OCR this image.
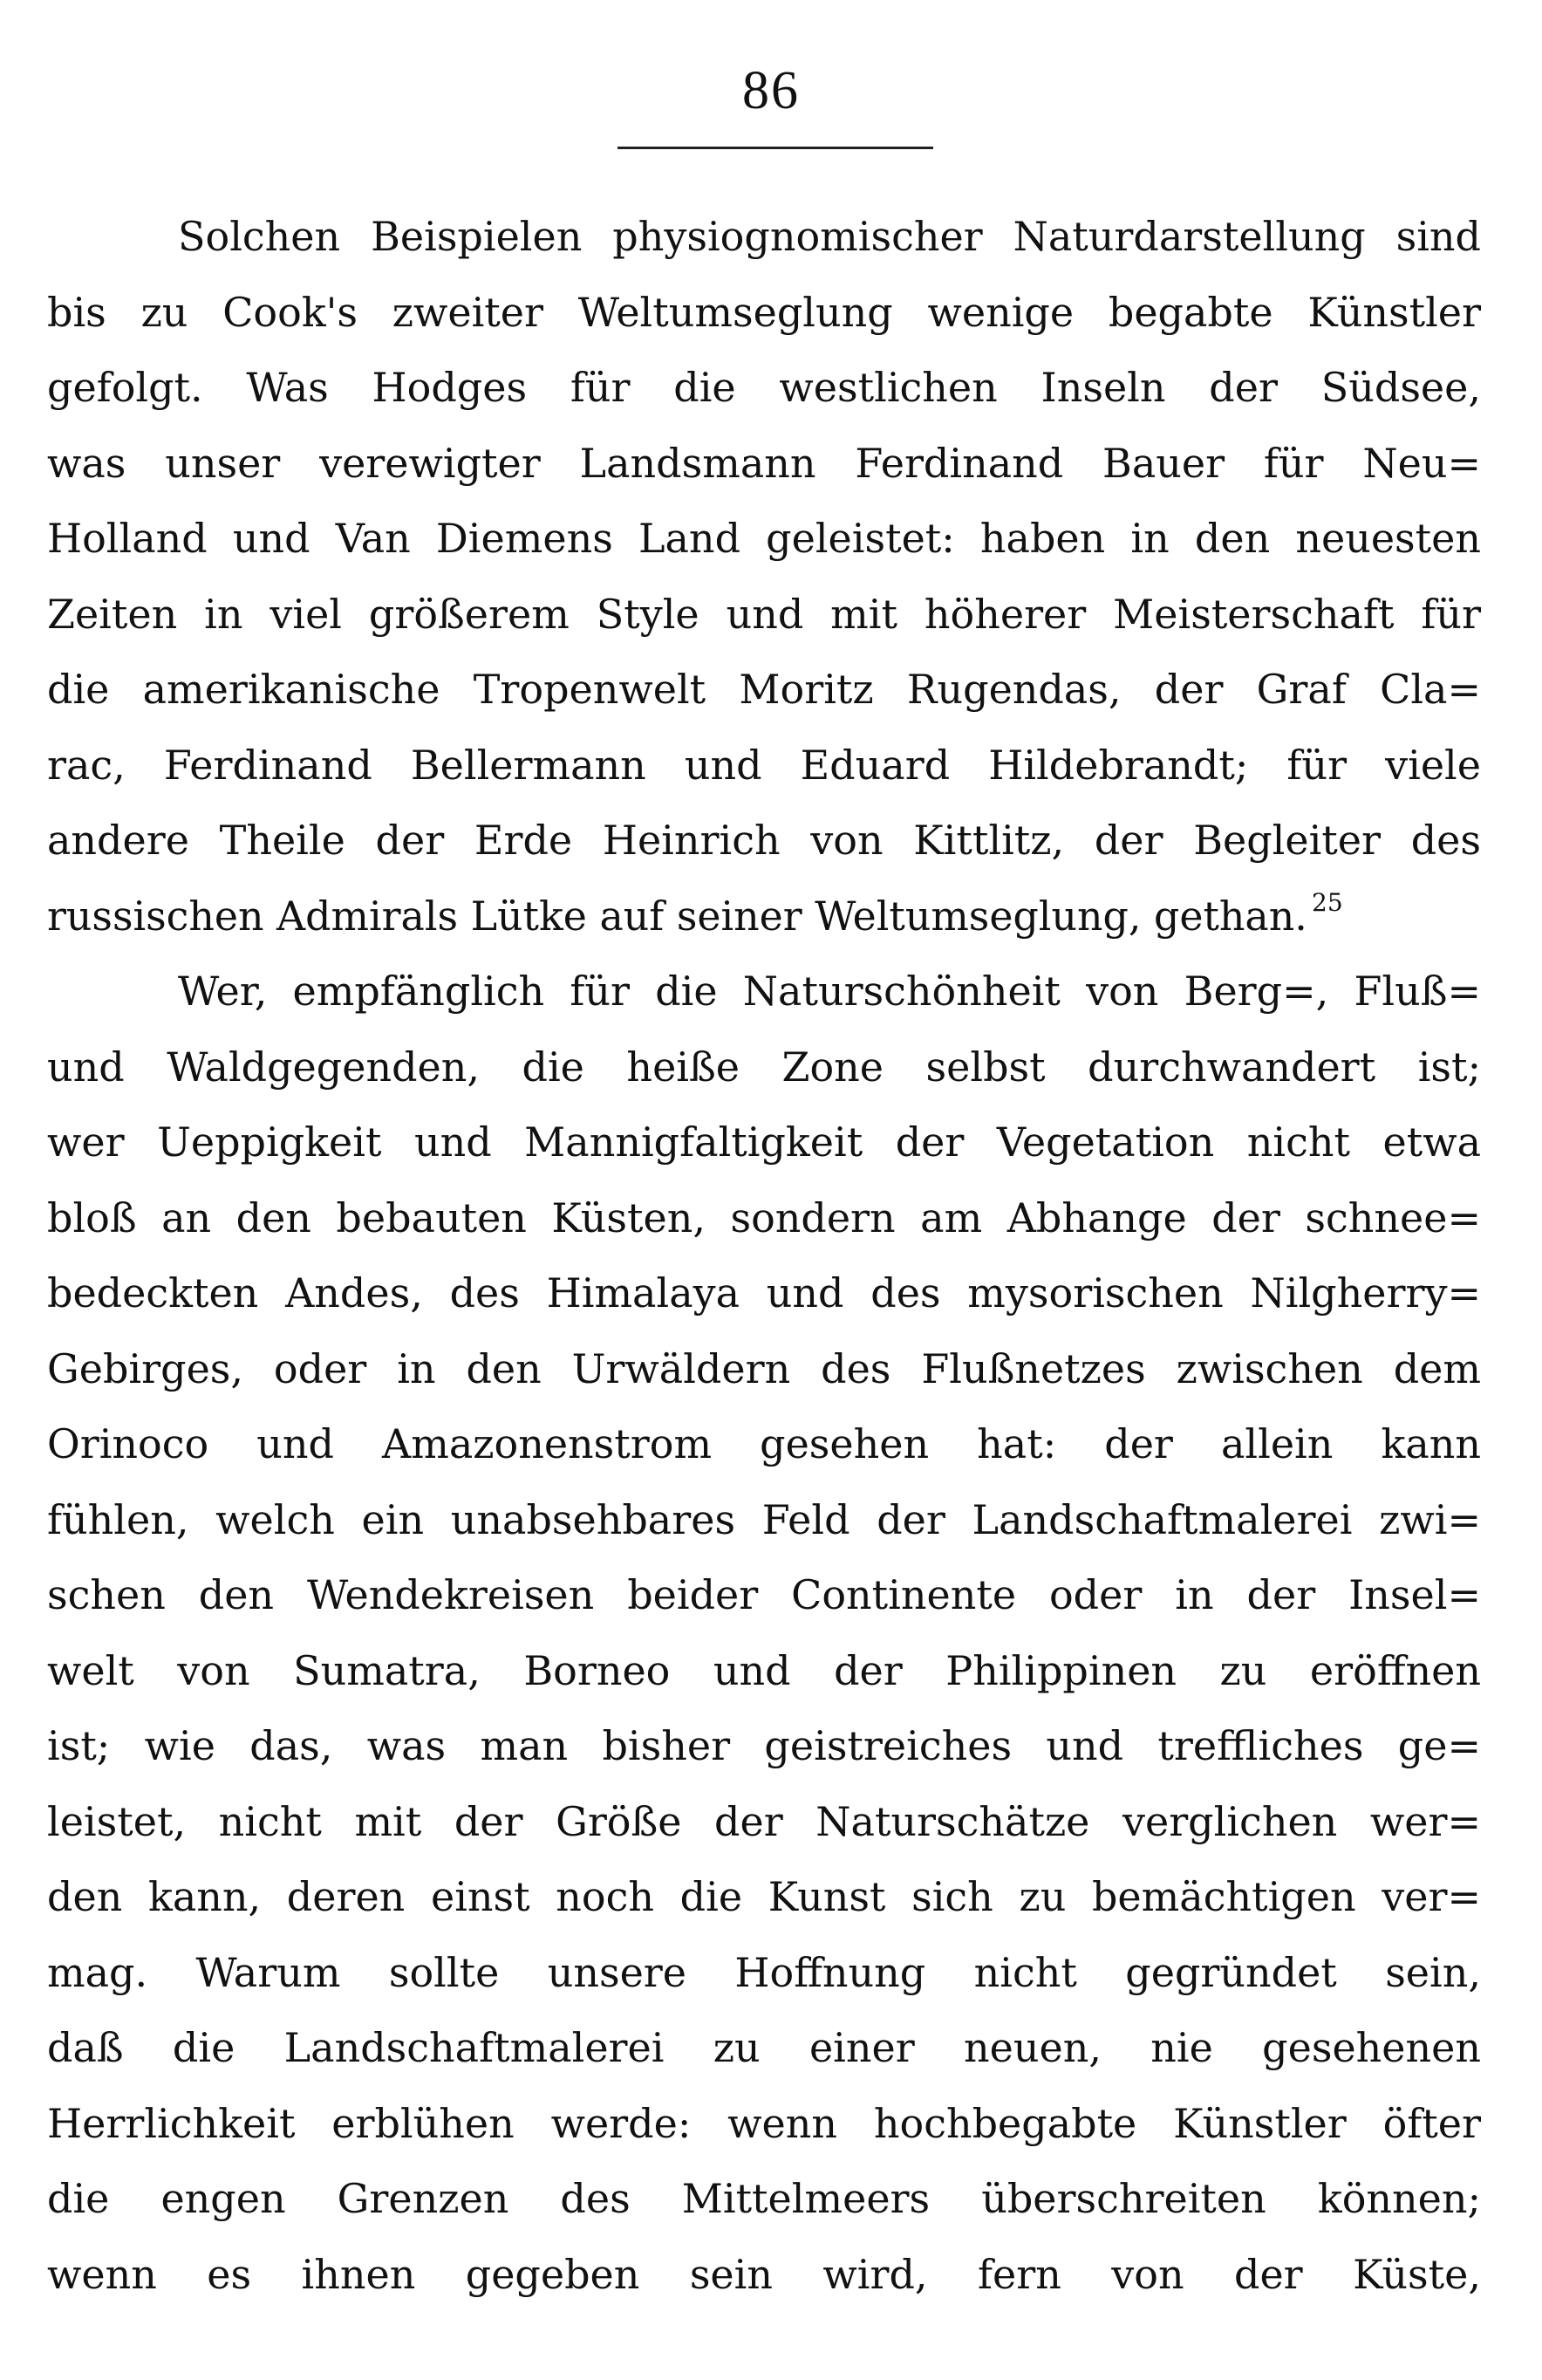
86
Solchen Beispielen physiognomischer Naturdarstellung sind
bis zu Cook's zweiter Weltumseglung wenige begabte Künstler
gefolgt. Was Hodges für die westlichen Inseln der Südsee,
was unser verewigter Landsmann Ferdinand Bauer für Neu=
Holland und Van Diemens Land geleistet: haben in den neuesten
Zeiten in viel größerem Style und mit höherer Meisterschaft für
die amerikanische Tropenwelt Moritz Rugendas, der Graf Cla=
rac, Ferdinand Bellermann und Eduard Hildebrandt; für viele
andere Theile der Erde Heinrich von Kittlitz, der Begleiter des
russischen Admirals Lütke auf seiner Weltumseglung, gethan. $^{25}$
Wer, empfänglich für die Naturschönheit von Berg=, Fluß=
und Waldgegenden, die heiße Zone selbst durchwandert ist;
wer Ueppigkeit und Mannigfaltigkeit der Vegetation nicht etwa
bloß an den bebauten Küsten, sondern am Abhange der schnee=
bedeckten Andes, des Himalaya und des mysorischen Nilgherry=
Gebirges, oder in den Urwäldern des Flußnetzes zwischen dem
Orinoco und Amazonenstrom gesehen hat: der allein kann
fühlen, welch ein unabsehbares Feld der Landschaftmalerei zwi=
schen den Wendekreisen beider Continente oder in der Insel=
welt von Sumatra, Borneo und der Philippinen zu eröffnen
ist; wie das, was man bisher geistreiches und treffliches ge=
leistet, nicht mit der Größe der Naturschätze verglichen wer=
den kann, deren einst noch die Kunst sich zu bemächtigen ver=
mag. Warum sollte unsere Hoffnung nicht gegründet sein,
daß die Landschaftmalerei zu einer neuen, nie gesehenen
Herrlichkeit erblühen werde: wenn hochbegabte Künstler öfter
die engen Grenzen des Mittelmeers überschreiten können;
wenn es ihnen gegeben sein wird, fern von der Küste,
